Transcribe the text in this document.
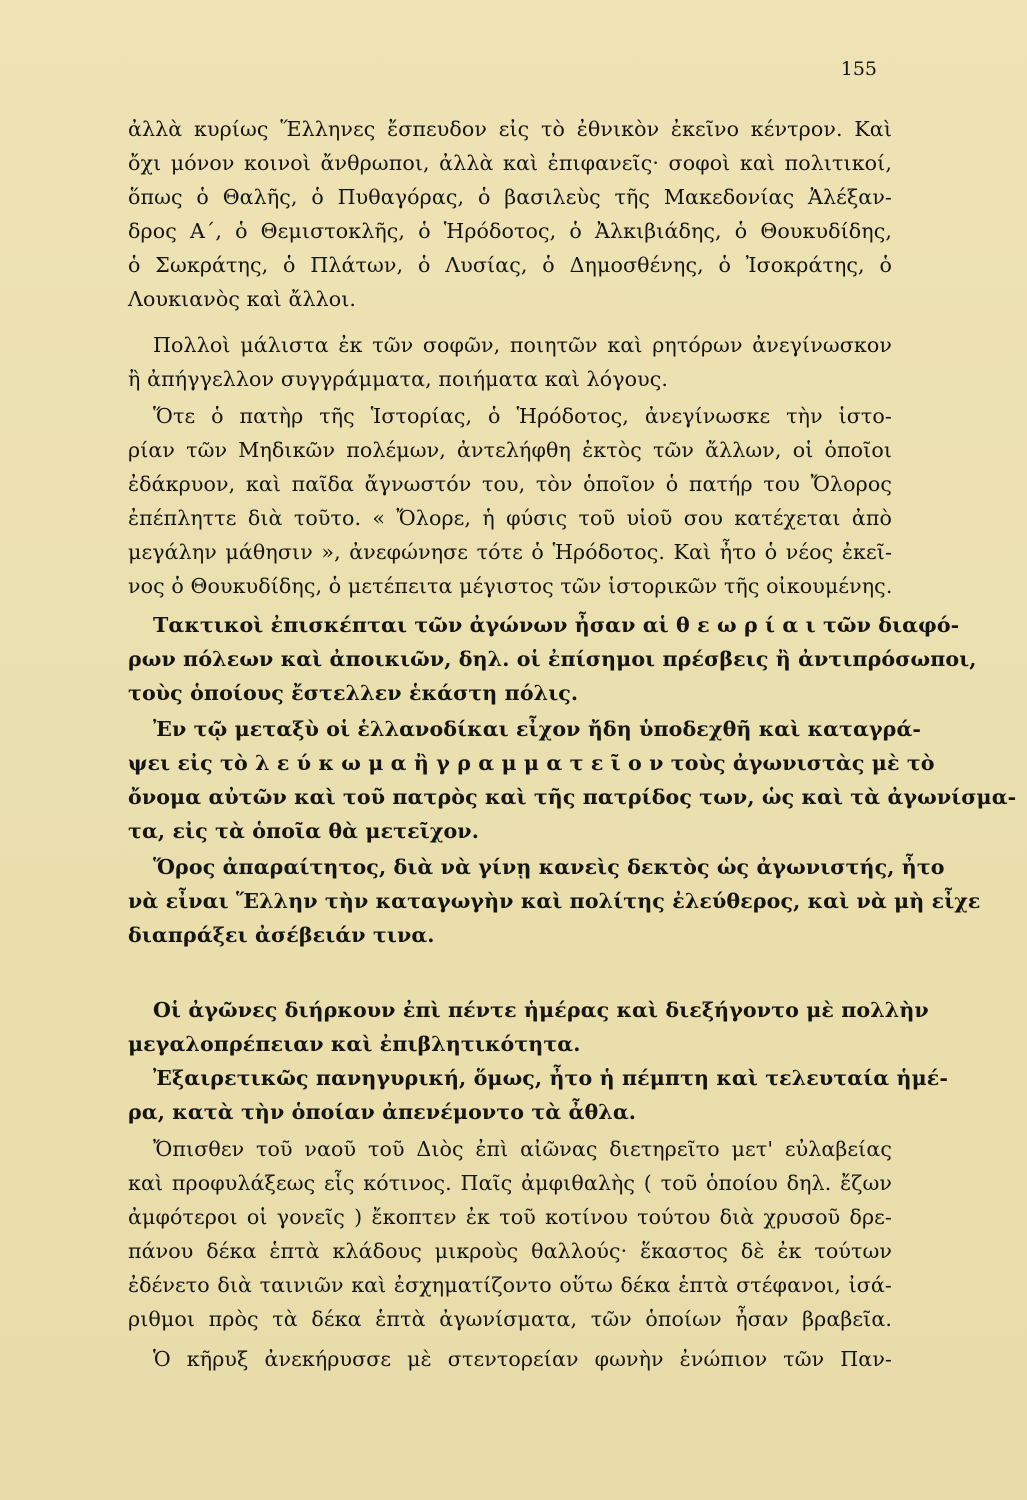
155
ἀλλὰ κυρίως Ἕλληνες ἔσπευδον εἰς τὸ ἐθνικὸν ἐκεῖνο κέντρον. Καὶ
ὄχι μόνον κοινοὶ ἄνθρωποι, ἀλλὰ καὶ ἐπιφανεῖς· σοφοὶ καὶ πολιτικοί,
ὅπως ὁ Θαλῆς, ὁ Πυθαγόρας, ὁ βασιλεὺς τῆς Μακεδονίας Ἀλέξαν-
δρος Α΄, ὁ Θεμιστοκλῆς, ὁ Ἡρόδοτος, ὁ Ἀλκιβιάδης, ὁ Θουκυδίδης,
ὁ Σωκράτης, ὁ Πλάτων, ὁ Λυσίας, ὁ Δημοσθένης, ὁ Ἰσοκράτης, ὁ
Λουκιανὸς καὶ ἄλλοι.
Πολλοὶ μάλιστα ἐκ τῶν σοφῶν, ποιητῶν καὶ ρητόρων ἀνεγίνωσκον
ἢ ἀπήγγελλον συγγράμματα, ποιήματα καὶ λόγους.
Ὅτε ὁ πατὴρ τῆς Ἱστορίας, ὁ Ἡρόδοτος, ἀνεγίνωσκε τὴν ἱστο-
ρίαν τῶν Μηδικῶν πολέμων, ἀντελήφθη ἐκτὸς τῶν ἄλλων, οἱ ὁποῖοι
ἐδάκρυον, καὶ παῖδα ἄγνωστόν του, τὸν ὁποῖον ὁ πατήρ του Ὄλορος
ἐπέπληττε διὰ τοῦτο. « Ὄλορε, ἡ φύσις τοῦ υἱοῦ σου κατέχεται ἀπὸ
μεγάλην μάθησιν », ἀνεφώνησε τότε ὁ Ἡρόδοτος. Καὶ ἦτο ὁ νέος ἐκεῖ-
νος ὁ Θουκυδίδης, ὁ μετέπειτα μέγιστος τῶν ἱστορικῶν τῆς οἰκουμένης.
Τακτικοὶ ἐπισκέπται τῶν ἀγώνων ἦσαν αἱ θ ε ω ρ ί α ι τῶν διαφό-
ρων πόλεων καὶ ἀποικιῶν, δηλ. οἱ ἐπίσημοι πρέσβεις ἢ ἀντιπρόσωποι,
τοὺς ὁποίους ἔστελλεν ἑκάστη πόλις.
Ἐν τῷ μεταξὺ οἱ ἑλλανοδίκαι εἶχον ἤδη ὑποδεχθῆ καὶ καταγρά-
ψει εἰς τὸ λ ε ύ κ ω μ α ἢ γ ρ α μ μ α τ ε ῖ ο ν τοὺς ἀγωνιστὰς μὲ τὸ
ὄνομα αὐτῶν καὶ τοῦ πατρὸς καὶ τῆς πατρίδος των, ὡς καὶ τὰ ἀγωνίσμα-
τα, εἰς τὰ ὁποῖα θὰ μετεῖχον.
Ὅρος ἀπαραίτητος, διὰ νὰ γίνῃ κανεὶς δεκτὸς ὡς ἀγωνιστής, ἦτο
νὰ εἶναι Ἕλλην τὴν καταγωγὴν καὶ πολίτης ἐλεύθερος, καὶ νὰ μὴ εἶχε
διαπράξει ἀσέβειάν τινα.
Οἱ ἀγῶνες διήρκουν ἐπὶ πέντε ἡμέρας καὶ διεξήγοντο μὲ πολλὴν
μεγαλοπρέπειαν καὶ ἐπιβλητικότητα.
Ἐξαιρετικῶς πανηγυρική, ὅμως, ἦτο ἡ πέμπτη καὶ τελευταία ἡμέ-
ρα, κατὰ τὴν ὁποίαν ἀπενέμοντο τὰ ἆθλα.
Ὄπισθεν τοῦ ναοῦ τοῦ Διὸς ἐπὶ αἰῶνας διετηρεῖτο μετ' εὐλαβείας
καὶ προφυλάξεως εἷς κότινος. Παῖς ἀμφιθαλὴς ( τοῦ ὁποίου δηλ. ἔζων
ἀμφότεροι οἱ γονεῖς ) ἔκοπτεν ἐκ τοῦ κοτίνου τούτου διὰ χρυσοῦ δρε-
πάνου δέκα ἑπτὰ κλάδους μικροὺς θαλλούς· ἕκαστος δὲ ἐκ τούτων
ἐδένετο διὰ ταινιῶν καὶ ἐσχηματίζοντο οὕτω δέκα ἑπτὰ στέφανοι, ἰσά-
ριθμοι πρὸς τὰ δέκα ἑπτὰ ἀγωνίσματα, τῶν ὁποίων ἦσαν βραβεῖα.
Ὁ κῆρυξ ἀνεκήρυσσε μὲ στεντορείαν φωνὴν ἐνώπιον τῶν Παν-
